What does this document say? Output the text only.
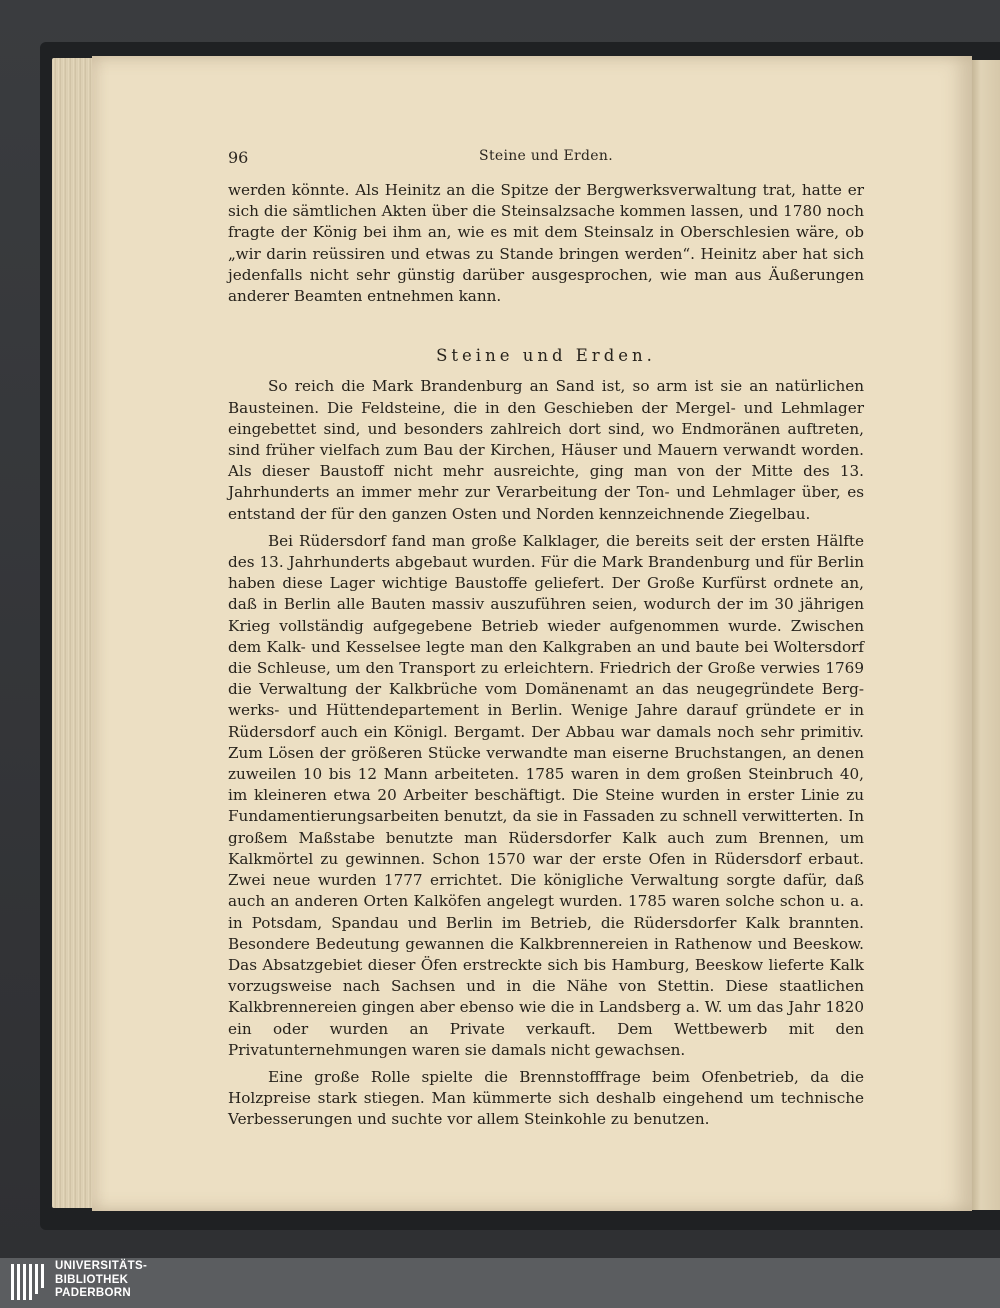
96	Steine und Erden.

werden könnte. Als Heinitz an die Spitze der Bergwerksverwaltung trat, hatte er sich die sämtlichen Akten über die Steinsalzsache kommen lassen, und 1780 noch fragte der König bei ihm an, wie es mit dem Steinsalz in Oberschlesien wäre, ob „wir darin reüssiren und etwas zu Stande bringen werden“. Heinitz aber hat sich jedenfalls nicht sehr günstig darüber ausgesprochen, wie man aus Äußerungen anderer Beamten entnehmen kann.

Steine und Erden.

So reich die Mark Brandenburg an Sand ist, so arm ist sie an natürlichen Bausteinen. Die Feldsteine, die in den Geschieben der Mergel- und Lehmlager eingebettet sind, und besonders zahlreich dort sind, wo Endmoränen auftreten, sind früher vielfach zum Bau der Kirchen, Häuser und Mauern verwandt worden. Als dieser Baustoff nicht mehr ausreichte, ging man von der Mitte des 13. Jahrhunderts an immer mehr zur Verarbeitung der Ton- und Lehmlager über, es entstand der für den ganzen Osten und Norden kennzeichnende Ziegelbau.

Bei Rüdersdorf fand man große Kalklager, die bereits seit der ersten Hälfte des 13. Jahrhunderts abgebaut wurden. Für die Mark Brandenburg und für Berlin haben diese Lager wichtige Baustoffe geliefert. Der Große Kurfürst ordnete an, daß in Berlin alle Bauten massiv auszuführen seien, wodurch der im 30 jährigen Krieg vollständig aufgegebene Betrieb wieder aufgenommen wurde. Zwischen dem Kalk- und Kesselsee legte man den Kalkgraben an und baute bei Woltersdorf die Schleuse, um den Transport zu erleichtern. Friedrich der Große verwies 1769 die Verwaltung der Kalkbrüche vom Domänenamt an das neugegründete Bergwerks- und Hüttendepartement in Berlin. Wenige Jahre darauf gründete er in Rüdersdorf auch ein Königl. Bergamt. Der Abbau war damals noch sehr primitiv. Zum Lösen der größeren Stücke verwandte man eiserne Bruchstangen, an denen zuweilen 10 bis 12 Mann arbeiteten. 1785 waren in dem großen Steinbruch 40, im kleineren etwa 20 Arbeiter beschäftigt. Die Steine wurden in erster Linie zu Fundamentierungsarbeiten benutzt, da sie in Fassaden zu schnell verwitterten. In großem Maßstabe benutzte man Rüdersdorfer Kalk auch zum Brennen, um Kalkmörtel zu gewinnen. Schon 1570 war der erste Ofen in Rüdersdorf erbaut. Zwei neue wurden 1777 errichtet. Die königliche Verwaltung sorgte dafür, daß auch an anderen Orten Kalköfen angelegt wurden. 1785 waren solche schon u. a. in Potsdam, Spandau und Berlin im Betrieb, die Rüdersdorfer Kalk brannten. Besondere Bedeutung gewannen die Kalkbrennereien in Rathenow und Beeskow. Das Absatzgebiet dieser Öfen erstreckte sich bis Hamburg, Beeskow lieferte Kalk vorzugsweise nach Sachsen und in die Nähe von Stettin. Diese staatlichen Kalkbrennereien gingen aber ebenso wie die in Landsberg a. W. um das Jahr 1820 ein oder wurden an Private verkauft. Dem Wettbewerb mit den Privatunternehmungen waren sie damals nicht gewachsen.

Eine große Rolle spielte die Brennstofffrage beim Ofenbetrieb, da die Holzpreise stark stiegen. Man kümmerte sich deshalb eingehend um technische Verbesserungen und suchte vor allem Steinkohle zu benutzen.

UNIVERSITÄTS-
BIBLIOTHEK
PADERBORN
